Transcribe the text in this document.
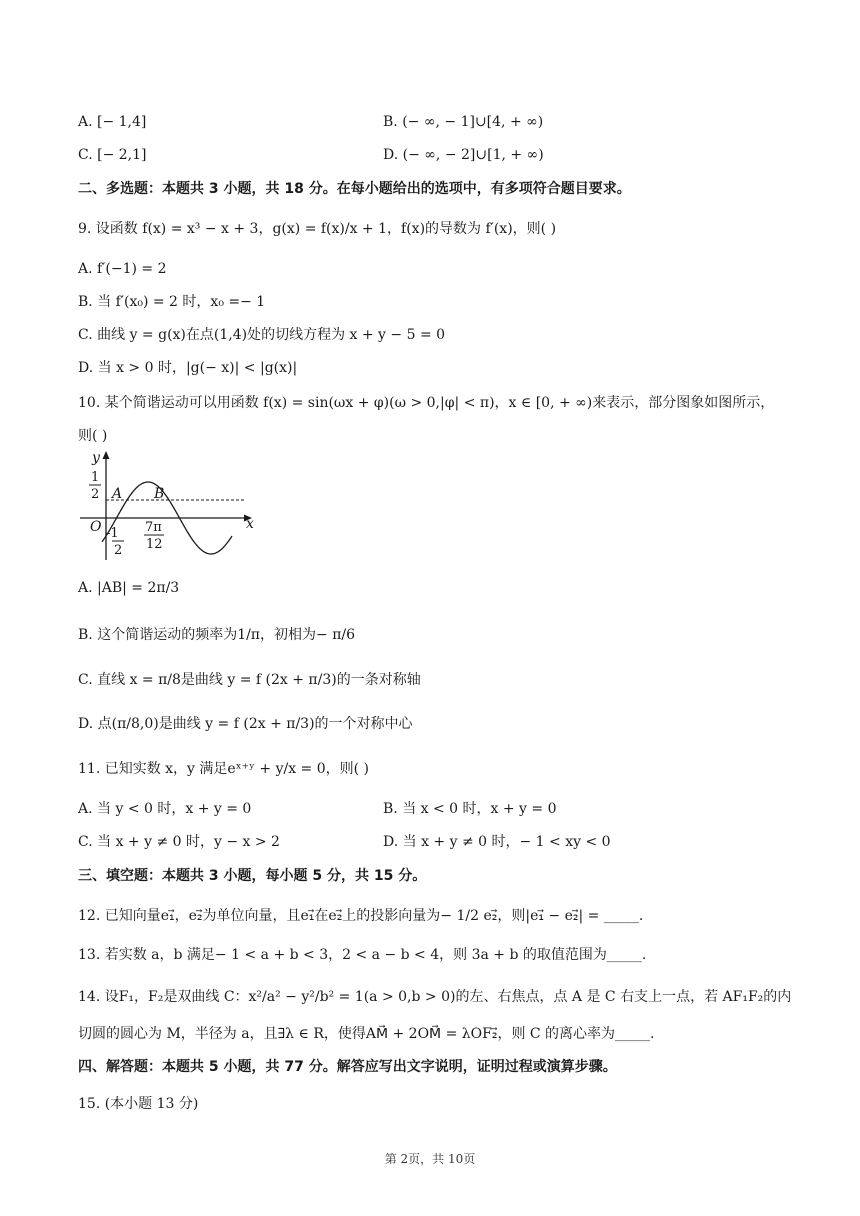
A. [− 1,4]	B. (− ∞, − 1]∪[4, + ∞)
C. [− 2,1]	D. (− ∞, − 2]∪[1, + ∞)
二、多选题：本题共 3 小题，共 18 分。在每小题给出的选项中，有多项符合题目要求。
9. 设函数 f(x) = x³ − x + 3，g(x) = f(x)/x + 1，f(x)的导数为 f′(x)，则( )
A. f′(−1) = 2
B. 当 f′(x₀) = 2 时，x₀ =− 1
C. 曲线 y = g(x)在点(1,4)处的切线方程为 x + y − 5 = 0
D. 当 x > 0 时，|g(− x)| < |g(x)|
10. 某个简谐运动可以用函数 f(x) = sin(ωx + φ)(ω > 0,|φ| < π)，x ∈ [0, + ∞)来表示，部分图象如图所示，
则( )
y
x
1
2
O -1
2
7π
12
A B
A. |AB| = 2π/3
B. 这个简谐运动的频率为1/π，初相为− π/6
C. 直线 x = π/8是曲线 y = f (2x + π/3)的一条对称轴
D. 点(π/8,0)是曲线 y = f (2x + π/3)的一个对称中心
11. 已知实数 x，y 满足eˣ⁺ʸ + y/x = 0，则( )
A. 当 y < 0 时，x + y = 0	B. 当 x < 0 时，x + y = 0
C. 当 x + y ≠ 0 时，y − x > 2	D. 当 x + y ≠ 0 时，− 1 < xy < 0
三、填空题：本题共 3 小题，每小题 5 分，共 15 分。
12. 已知向量e₁⃗，e₂⃗为单位向量，且e₁⃗在e₂⃗上的投影向量为− 1/2 e₂⃗，则|e₁⃗ − e₂⃗| = _____.
13. 若实数 a，b 满足− 1 < a + b < 3，2 < a − b < 4，则 3a + b 的取值范围为_____.
14. 设F₁，F₂是双曲线 C：x²/a² − y²/b² = 1(a > 0,b > 0)的左、右焦点，点 A 是 C 右支上一点，若 AF₁F₂的内
切圆的圆心为 M，半径为 a，且∃λ ∈ R，使得AM⃗ + 2OM⃗ = λOF₂⃗，则 C 的离心率为_____.
四、解答题：本题共 5 小题，共 77 分。解答应写出文字说明，证明过程或演算步骤。
15. (本小题 13 分)
第 2页，共 10页
